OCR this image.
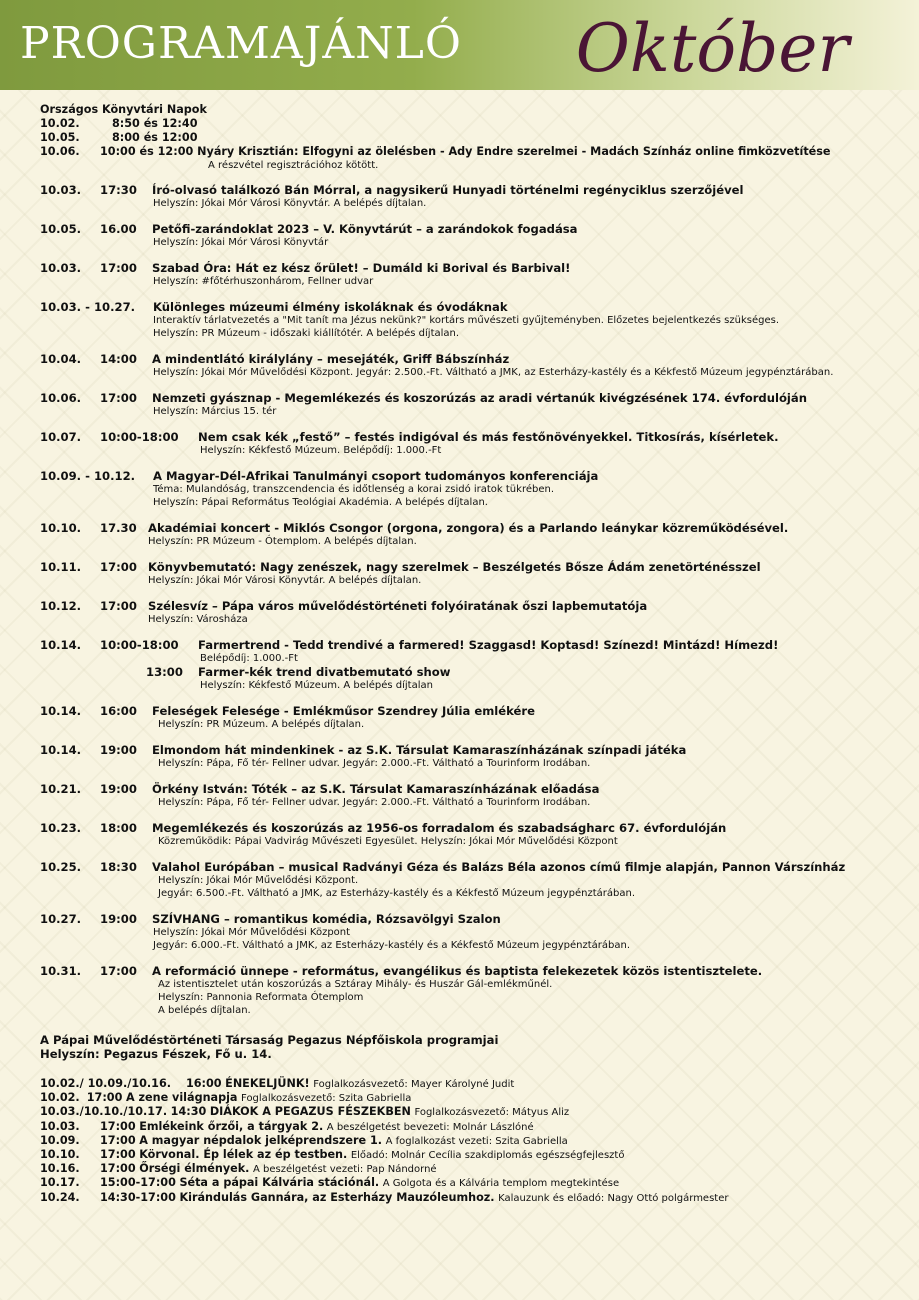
PROGRAMAJÁNLÓ Október
Országos Könyvtári Napok
10.02.	8:50 és 12:40
10.05.	8:00 és 12:00
10.06. 10:00 és 12:00 Nyáry Krisztián: Elfogyni az ölelésben - Ady Endre szerelmei - Madách Színház online fimközvetítése
A részvétel regisztrációhoz kötött.
10.03. 17:30 Író-olvasó találkozó Bán Mórral, a nagysikerű Hunyadi történelmi regényciklus szerzőjével
Helyszín: Jókai Mór Városi Könyvtár. A belépés díjtalan.
10.05. 16.00 Petőfi-zarándoklat 2023 – V. Könyvtárút – a zarándokok fogadása
Helyszín: Jókai Mór Városi Könyvtár
10.03. 17:00 Szabad Óra: Hát ez kész őrület! – Dumáld ki Borival és Barbival!
Helyszín: #főtérhuszonhárom, Fellner udvar
10.03. - 10.27. Különleges múzeumi élmény iskoláknak és óvodáknak
Interaktív tárlatvezetés a "Mit tanít ma Jézus nekünk?" kortárs művészeti gyűjteményben. Előzetes bejelentkezés szükséges.
Helyszín: PR Múzeum - időszaki kiállítótér. A belépés díjtalan.
10.04. 14:00 A mindentlátó királylány – mesejáték, Griff Bábszínház
Helyszín: Jókai Mór Művelődési Központ. Jegyár: 2.500.-Ft. Váltható a JMK, az Esterházy-kastély és a Kékfestő Múzeum jegypénztárában.
10.06. 17:00 Nemzeti gyásznap - Megemlékezés és koszorúzás az aradi vértanúk kivégzésének 174. évfordulóján
Helyszín: Március 15. tér
10.07. 10:00-18:00 Nem csak kék „festő” – festés indigóval és más festőnövényekkel. Titkosírás, kísérletek.
Helyszín: Kékfestő Múzeum. Belépődíj: 1.000.-Ft
10.09. - 10.12. A Magyar-Dél-Afrikai Tanulmányi csoport tudományos konferenciája
Téma: Mulandóság, transzcendencia és időtlenség a korai zsidó iratok tükrében.
Helyszín: Pápai Református Teológiai Akadémia. A belépés díjtalan.
10.10. 17.30 Akadémiai koncert - Miklós Csongor (orgona, zongora) és a Parlando leánykar közreműködésével.
Helyszín: PR Múzeum - Ótemplom. A belépés díjtalan.
10.11. 17:00 Könyvbemutató: Nagy zenészek, nagy szerelmek – Beszélgetés Bősze Ádám zenetörténésszel
Helyszín: Jókai Mór Városi Könyvtár. A belépés díjtalan.
10.12. 17:00 Szélesvíz – Pápa város művelődéstörténeti folyóiratának őszi lapbemutatója
Helyszín: Városháza
10.14. 10:00-18:00 Farmertrend - Tedd trendivé a farmered! Szaggasd! Koptasd! Színezd! Mintázd! Hímezd!
Belépődíj: 1.000.-Ft
13:00 Farmer-kék trend divatbemutató show
Helyszín: Kékfestő Múzeum. A belépés díjtalan
10.14. 16:00 Feleségek Felesége - Emlékműsor Szendrey Júlia emlékére
Helyszín: PR Múzeum. A belépés díjtalan.
10.14. 19:00 Elmondom hát mindenkinek - az S.K. Társulat Kamaraszínházának színpadi játéka
Helyszín: Pápa, Fő tér- Fellner udvar. Jegyár: 2.000.-Ft. Váltható a Tourinform Irodában.
10.21. 19:00 Örkény István: Tóték – az S.K. Társulat Kamaraszínházának előadása
Helyszín: Pápa, Fő tér- Fellner udvar. Jegyár: 2.000.-Ft. Váltható a Tourinform Irodában.
10.23. 18:00 Megemlékezés és koszorúzás az 1956-os forradalom és szabadságharc 67. évfordulóján
Közreműködik: Pápai Vadvirág Művészeti Egyesület. Helyszín: Jókai Mór Művelődési Központ
10.25. 18:30 Valahol Európában – musical Radványi Géza és Balázs Béla azonos című filmje alapján, Pannon Várszínház
Helyszín: Jókai Mór Művelődési Központ.
Jegyár: 6.500.-Ft. Váltható a JMK, az Esterházy-kastély és a Kékfestő Múzeum jegypénztárában.
10.27. 19:00 SZÍVHANG – romantikus komédia, Rózsavölgyi Szalon
Helyszín: Jókai Mór Művelődési Központ
Jegyár: 6.000.-Ft. Váltható a JMK, az Esterházy-kastély és a Kékfestő Múzeum jegypénztárában.
10.31. 17:00 A reformáció ünnepe - református, evangélikus és baptista felekezetek közös istentisztelete.
Az istentisztelet után koszorúzás a Sztáray Mihály- és Huszár Gál-emlékműnél.
Helyszín: Pannonia Reformata Ótemplom
A belépés díjtalan.
A Pápai Művelődéstörténeti Társaság Pegazus Népfőiskola programjai
Helyszín: Pegazus Fészek, Fő u. 14.
10.02./ 10.09./10.16. 16:00 ÉNEKELJÜNK! Foglalkozásvezető: Mayer Károlyné Judit
10.02. 17:00 A zene világnapja Foglalkozásvezető: Szita Gabriella
10.03./10.10./10.17. 14:30 DIÁKOK A PEGAZUS FÉSZEKBEN Foglalkozásvezető: Mátyus Aliz
10.03. 17:00 Emlékeink őrzői, a tárgyak 2. A beszélgetést bevezeti: Molnár Lászlóné
10.09. 17:00 A magyar népdalok jelképrendszere 1. A foglalkozást vezeti: Szita Gabriella
10.10. 17:00 Körvonal. Ép lélek az ép testben. Előadó: Molnár Cecília szakdiplomás egészségfejlesztő
10.16. 17:00 Őrségi élmények. A beszélgetést vezeti: Pap Nándorné
10.17. 15:00-17:00 Séta a pápai Kálvária stációnál. A Golgota és a Kálvária templom megtekintése
10.24. 14:30-17:00 Kirándulás Gannára, az Esterházy Mauzóleumhoz. Kalauzunk és előadó: Nagy Ottó polgármester
